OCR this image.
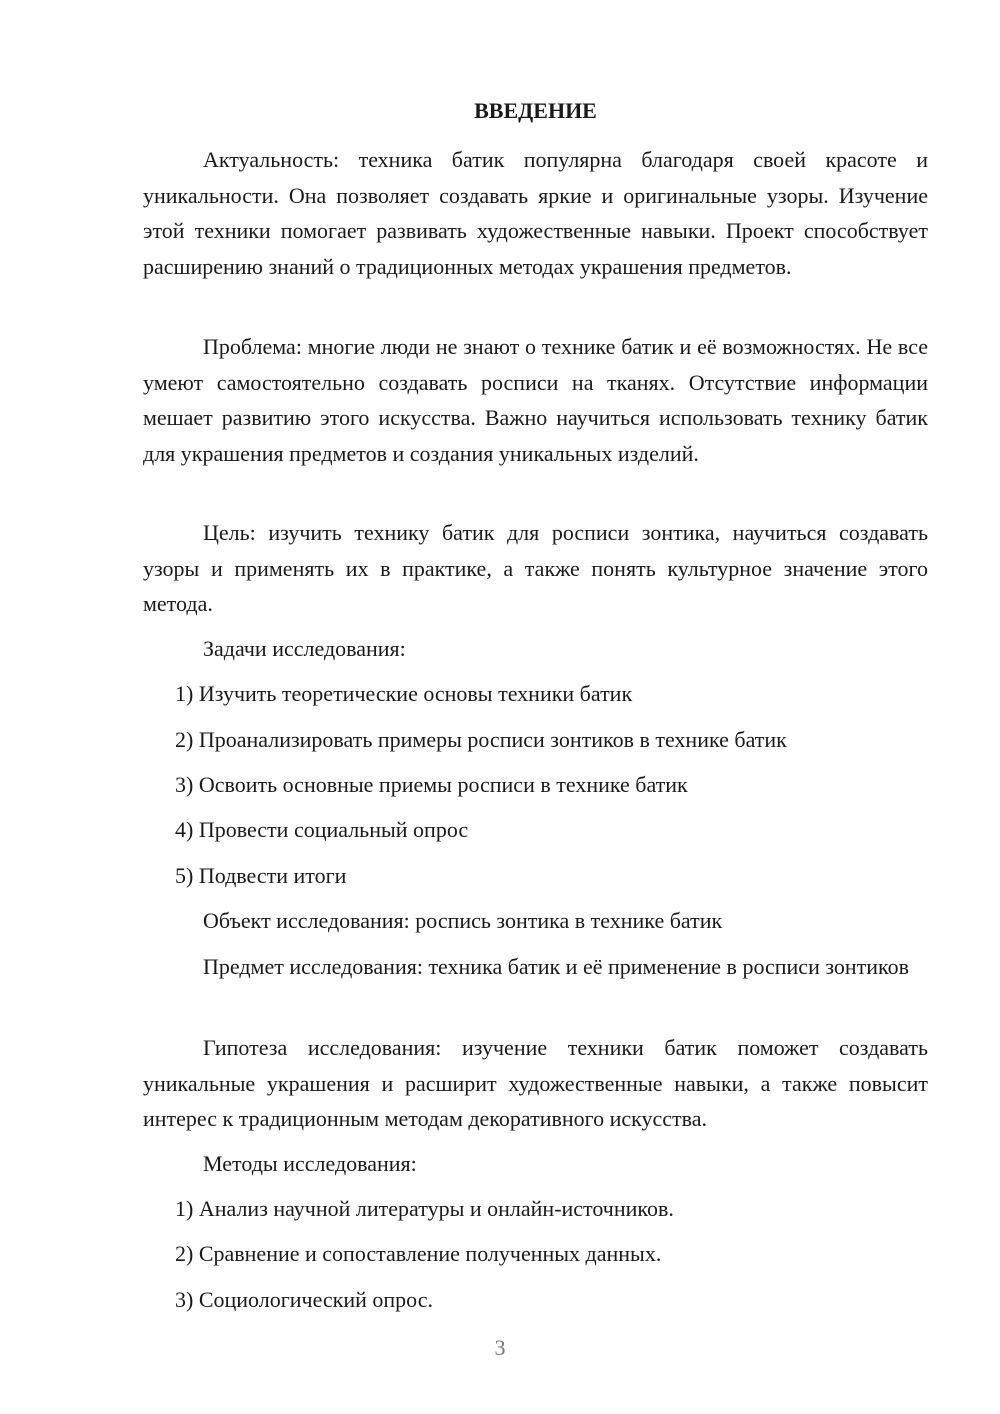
ВВЕДЕНИЕ

Актуальность: техника батик популярна благодаря своей красоте и уникальности. Она позволяет создавать яркие и оригинальные узоры. Изучение этой техники помогает развивать художественные навыки. Проект способствует расширению знаний о традиционных методах украшения предметов.

Проблема: многие люди не знают о технике батик и её возможностях. Не все умеют самостоятельно создавать росписи на тканях. Отсутствие информации мешает развитию этого искусства. Важно научиться использовать технику батик для украшения предметов и создания уникальных изделий.

Цель: изучить технику батик для росписи зонтика, научиться создавать узоры и применять их в практике, а также понять культурное значение этого метода.

Задачи исследования:
1) Изучить теоретические основы техники батик
2) Проанализировать примеры росписи зонтиков в технике батик
3) Освоить основные приемы росписи в технике батик
4) Провести социальный опрос
5) Подвести итоги
Объект исследования: роспись зонтика в технике батик

Предмет исследования: техника батик и её применение в росписи зонтиков

Гипотеза исследования: изучение техники батик поможет создавать уникальные украшения и расширит художественные навыки, а также повысит интерес к традиционным методам декоративного искусства.

Методы исследования:
1) Анализ научной литературы и онлайн-источников.
2) Сравнение и сопоставление полученных данных.
3) Социологический опрос.
3
